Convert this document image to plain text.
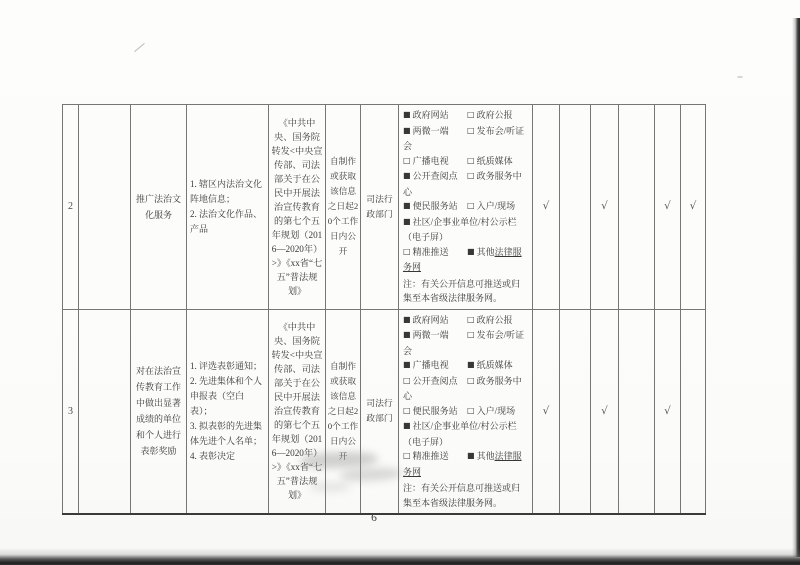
2		推广法治文化服务	
1. 辖区内法治文化阵地信息；
2. 法治文化作品、产品
	《中共中央、国务院转发<中央宣传部、司法部关于在公民中开展法治宣传教育的第七个五年规划（2016—2020年）>》《xx省“七五”普法规划》	自制作或获取该信息之日起20个工作日内公开	司法行政部门	
■ 政府网站 □ 政府公报
■ 两微一端 □ 发布会/听证会
□ 广播电视 □ 纸质媒体
■ 公开查阅点 □ 政务服务中心
■ 便民服务站 □ 入户/现场
■ 社区/企事业单位/村公示栏（电子屏）
□ 精准推送 ■ 其他法律服务网
注：有关公开信息可推送或归集至本省级法律服务网。
	√		√		√	√
3		对在法治宣传教育工作中做出显著成绩的单位和个人进行表彰奖励	
1. 评选表彰通知；
2. 先进集体和个人申报表（空白表）；
3. 拟表彰的先进集体先进个人名单；
4. 表彰决定
	《中共中央、国务院转发<中央宣传部、司法部关于在公民中开展法治宣传教育的第七个五年规划（2016—2020年）>》《xx省“七五”普法规划》	自制作或获取该信息之日起20个工作日内公开	司法行政部门	
■ 政府网站 □ 政府公报
■ 两微一端 □ 发布会/听证会
■ 广播电视 ■ 纸质媒体
□ 公开查阅点 □ 政务服务中心
□ 便民服务站 □ 入户/现场
■ 社区/企事业单位/村公示栏（电子屏）
□ 精准推送 ■ 其他法律服务网
注：有关公开信息可推送或归集至本省级法律服务网。
	√		√		√	
6
